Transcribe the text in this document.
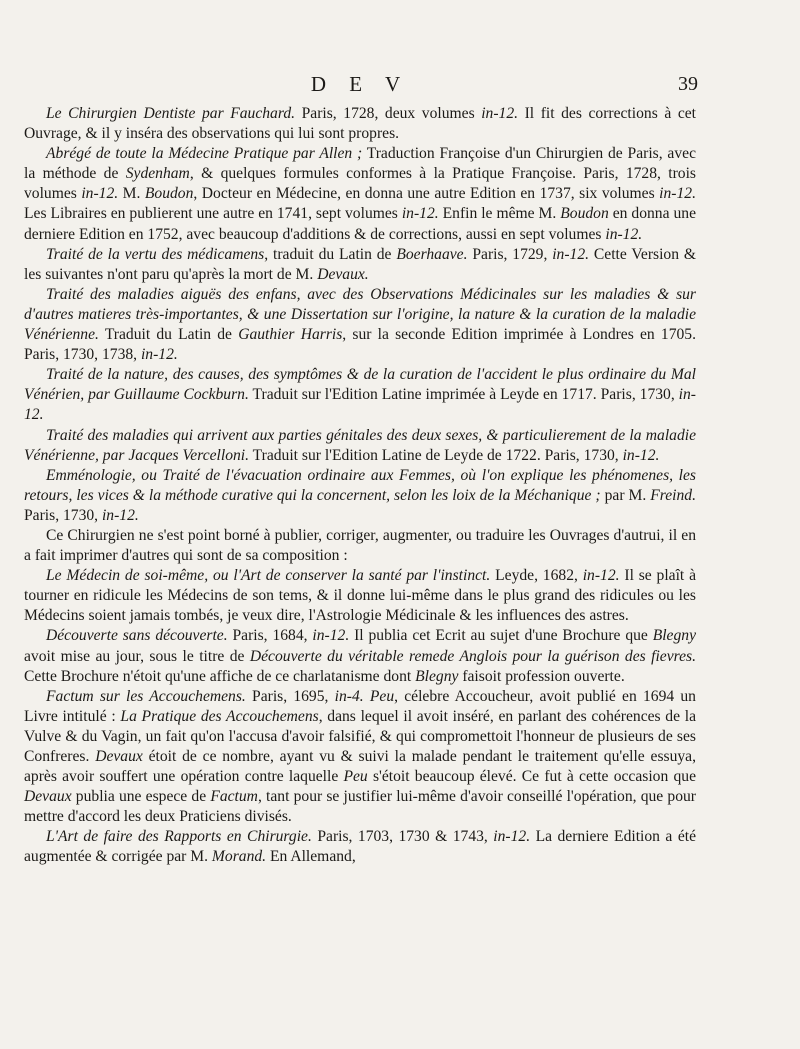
D E V	39

Le Chirurgien Dentiste par Fauchard. Paris, 1728, deux volumes in-12. Il fit des corrections à cet Ouvrage, & il y inséra des observations qui lui sont propres.

Abrégé de toute la Médecine Pratique par Allen ; Traduction Françoise d'un Chirurgien de Paris, avec la méthode de Sydenham, & quelques formules conformes à la Pratique Françoise. Paris, 1728, trois volumes in-12. M. Boudon, Docteur en Médecine, en donna une autre Edition en 1737, six volumes in-12. Les Libraires en publierent une autre en 1741, sept volumes in-12. Enfin le même M. Boudon en donna une derniere Edition en 1752, avec beaucoup d'additions & de corrections, aussi en sept volumes in-12.

Traité de la vertu des médicamens, traduit du Latin de Boerhaave. Paris, 1729, in-12. Cette Version & les suivantes n'ont paru qu'après la mort de M. Devaux.

Traité des maladies aiguës des enfans, avec des Observations Médicinales sur les maladies & sur d'autres matieres très-importantes, & une Dissertation sur l'origine, la nature & la curation de la maladie Vénérienne. Traduit du Latin de Gauthier Harris, sur la seconde Edition imprimée à Londres en 1705. Paris, 1730, 1738, in-12.

Traité de la nature, des causes, des symptômes & de la curation de l'accident le plus ordinaire du Mal Vénérien, par Guillaume Cockburn. Traduit sur l'Edition Latine imprimée à Leyde en 1717. Paris, 1730, in-12.

Traité des maladies qui arrivent aux parties génitales des deux sexes, & particulierement de la maladie Vénérienne, par Jacques Vercelloni. Traduit sur l'Edition Latine de Leyde de 1722. Paris, 1730, in-12.

Emménologie, ou Traité de l'évacuation ordinaire aux Femmes, où l'on explique les phénomenes, les retours, les vices & la méthode curative qui la concernent, selon les loix de la Méchanique ; par M. Freind. Paris, 1730, in-12.

Ce Chirurgien ne s'est point borné à publier, corriger, augmenter, ou traduire les Ouvrages d'autrui, il en a fait imprimer d'autres qui sont de sa composition :

Le Médecin de soi-même, ou l'Art de conserver la santé par l'instinct. Leyde, 1682, in-12. Il se plaît à tourner en ridicule les Médecins de son tems, & il donne lui-même dans le plus grand des ridicules ou les Médecins soient jamais tombés, je veux dire, l'Astrologie Médicinale & les influences des astres.

Découverte sans découverte. Paris, 1684, in-12. Il publia cet Ecrit au sujet d'une Brochure que Blegny avoit mise au jour, sous le titre de Découverte du véritable remede Anglois pour la guérison des fievres. Cette Brochure n'étoit qu'une affiche de ce charlatanisme dont Blegny faisoit profession ouverte.

Factum sur les Accouchemens. Paris, 1695, in-4. Peu, célebre Accoucheur, avoit publié en 1694 un Livre intitulé : La Pratique des Accouchemens, dans lequel il avoit inséré, en parlant des cohérences de la Vulve & du Vagin, un fait qu'on l'accusa d'avoir falsifié, & qui compromettoit l'honneur de plusieurs de ses Confreres. Devaux étoit de ce nombre, ayant vu & suivi la malade pendant le traitement qu'elle essuya, après avoir souffert une opération contre laquelle Peu s'étoit beaucoup élevé. Ce fut à cette occasion que Devaux publia une espece de Factum, tant pour se justifier lui-même d'avoir conseillé l'opération, que pour mettre d'accord les deux Praticiens divisés.

L'Art de faire des Rapports en Chirurgie. Paris, 1703, 1730 & 1743, in-12. La derniere Edition a été augmentée & corrigée par M. Morand. En Allemand,
